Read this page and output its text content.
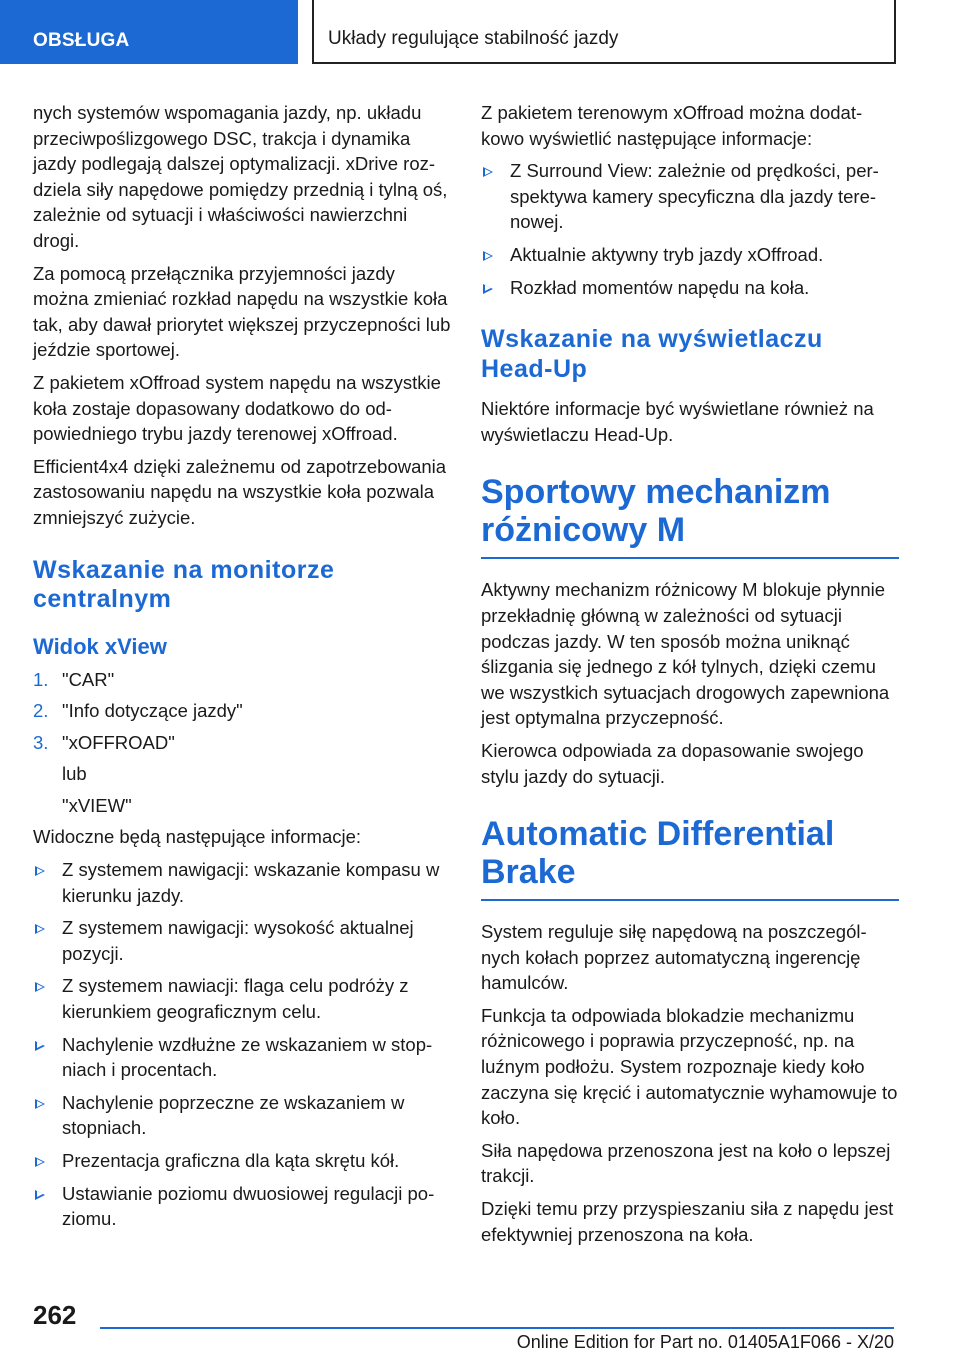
OBSŁUGA	Układy regulujące stabilność jazdy

nych systemów wspomagania jazdy, np. układu przeciwpoślizgowego DSC, trakcja i dynamika jazdy podlegają dalszej optymalizacji. xDrive rozdziela siły napędowe pomiędzy przednią i tylną oś, zależnie od sytuacji i właściwości nawierzchni drogi.

Za pomocą przełącznika przyjemności jazdy można zmieniać rozkład napędu na wszystkie koła tak, aby dawał priorytet większej przyczepności lub jeździe sportowej.

Z pakietem xOffroad system napędu na wszystkie koła zostaje dopasowany dodatkowo do odpowiedniego trybu jazdy terenowej xOffroad.

Efficient4x4 dzięki zależnemu od zapotrzebowania zastosowaniu napędu na wszystkie koła pozwala zmniejszyć zużycie.

Wskazanie na monitorze centralnym
Widok xView
1. "CAR"
2. "Info dotyczące jazdy"
3. "xOFFROAD"
lub
"xVIEW"

Widoczne będą następujące informacje:

Z systemem nawigacji: wskazanie kompasu w kierunku jazdy.
Z systemem nawigacji: wysokość aktualnej pozycji.
Z systemem nawiacji: flaga celu podróży z kierunkiem geograficznym celu.
Nachylenie wzdłużne ze wskazaniem w stopniach i procentach.
Nachylenie poprzeczne ze wskazaniem w stopniach.
Prezentacja graficzna dla kąta skrętu kół.
Ustawianie poziomu dwuosiowej regulacji poziomu.

Z pakietem terenowym xOffroad można dodatkowo wyświetlić następujące informacje:

Z Surround View: zależnie od prędkości, perspektywa kamery specyficzna dla jazdy terenowej.
Aktualnie aktywny tryb jazdy xOffroad.
Rozkład momentów napędu na koła.
Wskazanie na wyświetlaczu Head-Up

Niektóre informacje być wyświetlane również na wyświetlaczu Head-Up.

Sportowy mechanizm różnicowy M

Aktywny mechanizm różnicowy M blokuje płynnie przekładnię główną w zależności od sytuacji podczas jazdy. W ten sposób można uniknąć ślizgania się jednego z kół tylnych, dzięki czemu we wszystkich sytuacjach drogowych zapewniona jest optymalna przyczepność.

Kierowca odpowiada za dopasowanie swojego stylu jazdy do sytuacji.

Automatic Differential Brake

System reguluje siłę napędową na poszczególnych kołach poprzez automatyczną ingerencję hamulców.

Funkcja ta odpowiada blokadzie mechanizmu różnicowego i poprawia przyczepność, np. na luźnym podłożu. System rozpoznaje kiedy koło zaczyna się kręcić i automatycznie wyhamowuje to koło.

Siła napędowa przenoszona jest na koło o lepszej trakcji.

Dzięki temu przy przyspieszaniu siła z napędu jest efektywniej przenoszona na koła.

262
Online Edition for Part no. 01405A1F066 - X/20
